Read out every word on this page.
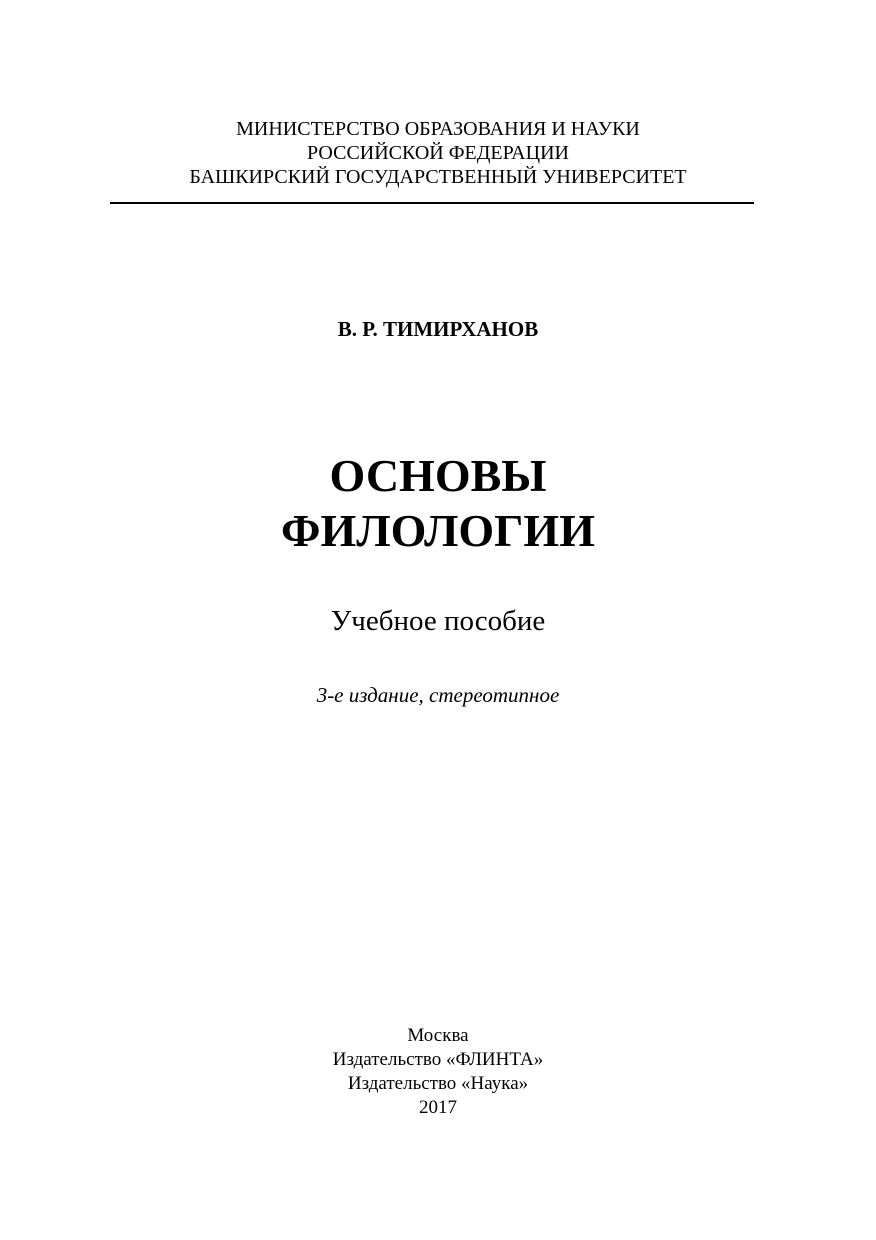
МИНИСТЕРСТВО ОБРАЗОВАНИЯ И НАУКИ
РОССИЙСКОЙ ФЕДЕРАЦИИ
БАШКИРСКИЙ ГОСУДАРСТВЕННЫЙ УНИВЕРСИТЕТ
В. Р. ТИМИРХАНОВ
ОСНОВЫ
ФИЛОЛОГИИ
Учебное пособие
3-е издание, стереотипное
Москва
Издательство «ФЛИНТА»
Издательство «Наука»
2017
